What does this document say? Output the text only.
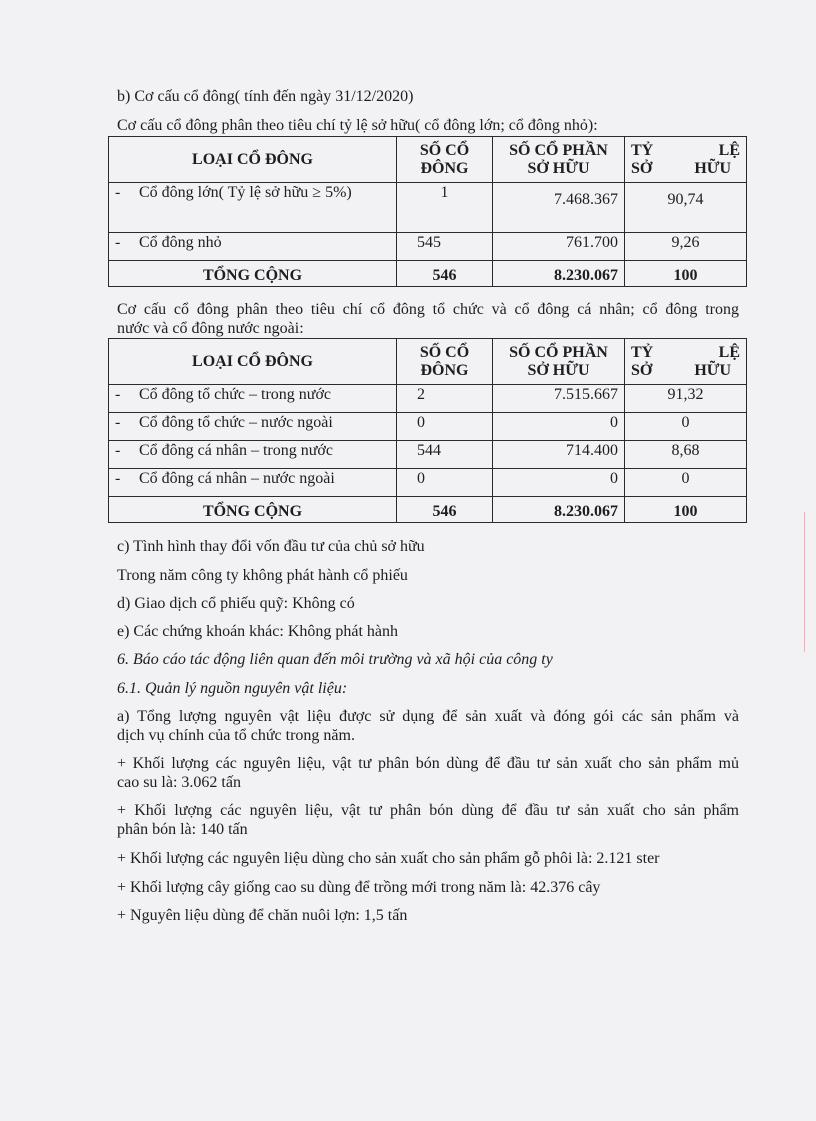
b) Cơ cấu cổ đông( tính đến ngày 31/12/2020)
Cơ cấu cổ đông phân theo tiêu chí tỷ lệ sở hữu( cổ đông lớn; cổ đông nhỏ):
LOẠI CỔ ĐÔNG	SỐ CỔ ĐÔNG	SỐ CỔ PHẦN SỞ HỮU	TỶ LỆ SỞ HỮU

- Cổ đông lớn( Tỷ lệ sở hữu ≥ 5%)	1	7.468.367	90,74
- Cổ đông nhỏ	545	761.700	9,26
TỔNG CỘNG	546	8.230.067	100
Cơ cấu cổ đông phân theo tiêu chí cổ đông tổ chức và cổ đông cá nhân; cổ đông trong
nước và cổ đông nước ngoài:
LOẠI CỔ ĐÔNG	SỐ CỔ ĐÔNG	SỐ CỔ PHẦN SỞ HỮU	TỶ LỆ SỞ HỮU
- Cổ đông tổ chức – trong nước	2	7.515.667	91,32
- Cổ đông tổ chức – nước ngoài	0	0	0
- Cổ đông cá nhân – trong nước	544	714.400	8,68
- Cổ đông cá nhân – nước ngoài	0	0	0
TỔNG CỘNG	546	8.230.067	100
c) Tình hình thay đổi vốn đầu tư của chủ sở hữu
Trong năm công ty không phát hành cổ phiếu
d) Giao dịch cổ phiếu quỹ: Không có
e) Các chứng khoán khác: Không phát hành
6. Báo cáo tác động liên quan đến môi trường và xã hội của công ty
6.1. Quản lý nguồn nguyên vật liệu:
a) Tổng lượng nguyên vật liệu được sử dụng để sản xuất và đóng gói các sản phẩm và
dịch vụ chính của tổ chức trong năm.
+ Khối lượng các nguyên liệu, vật tư phân bón dùng để đầu tư sản xuất cho sản phẩm mủ
cao su là: 3.062 tấn
+ Khối lượng các nguyên liệu, vật tư phân bón dùng để đầu tư sản xuất cho sản phẩm
phân bón là: 140 tấn
+ Khối lượng các nguyên liệu dùng cho sản xuất cho sản phẩm gỗ phôi là: 2.121 ster
+ Khối lượng cây giống cao su dùng để trồng mới trong năm là: 42.376 cây
+ Nguyên liệu dùng để chăn nuôi lợn: 1,5 tấn
